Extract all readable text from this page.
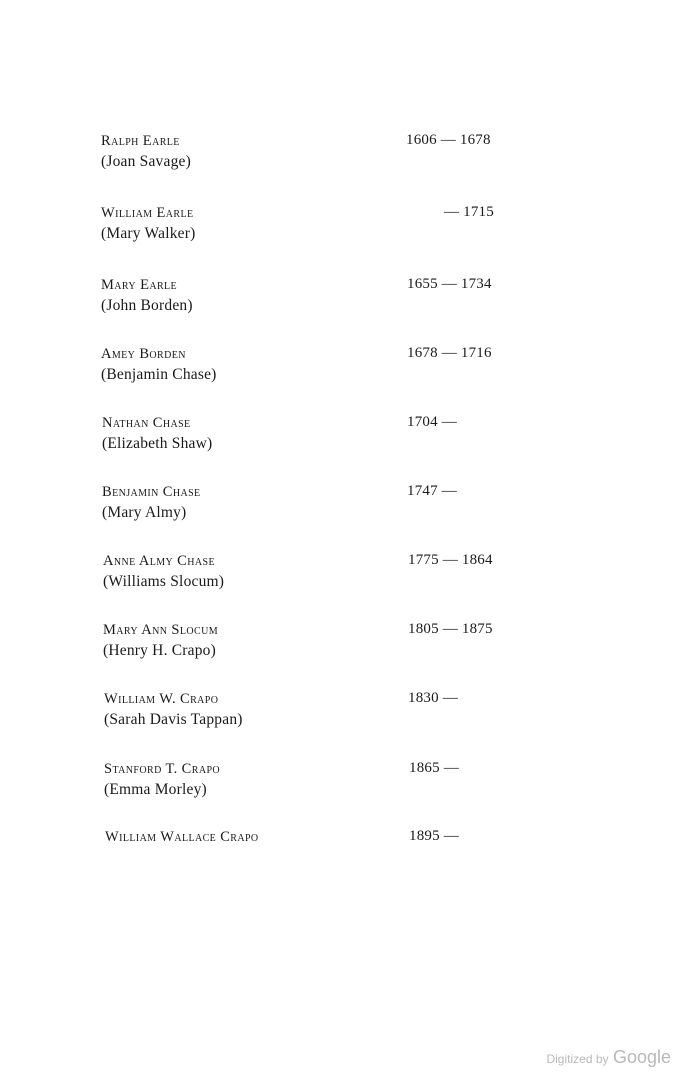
Ralph Earle
(Joan Savage)
1606 — 1678
William Earle
(Mary Walker)
— 1715
Mary Earle
(John Borden)
1655 — 1734
Amey Borden
(Benjamin Chase)
1678 — 1716
Nathan Chase
(Elizabeth Shaw)
1704 —
Benjamin Chase
(Mary Almy)
1747 —
Anne Almy Chase
(Williams Slocum)
1775 — 1864
Mary Ann Slocum
(Henry H. Crapo)
1805 — 1875
William W. Crapo
(Sarah Davis Tappan)
1830 —
Stanford T. Crapo
(Emma Morley)
1865 —
William Wallace Crapo	1895 —
Digitized by Google
